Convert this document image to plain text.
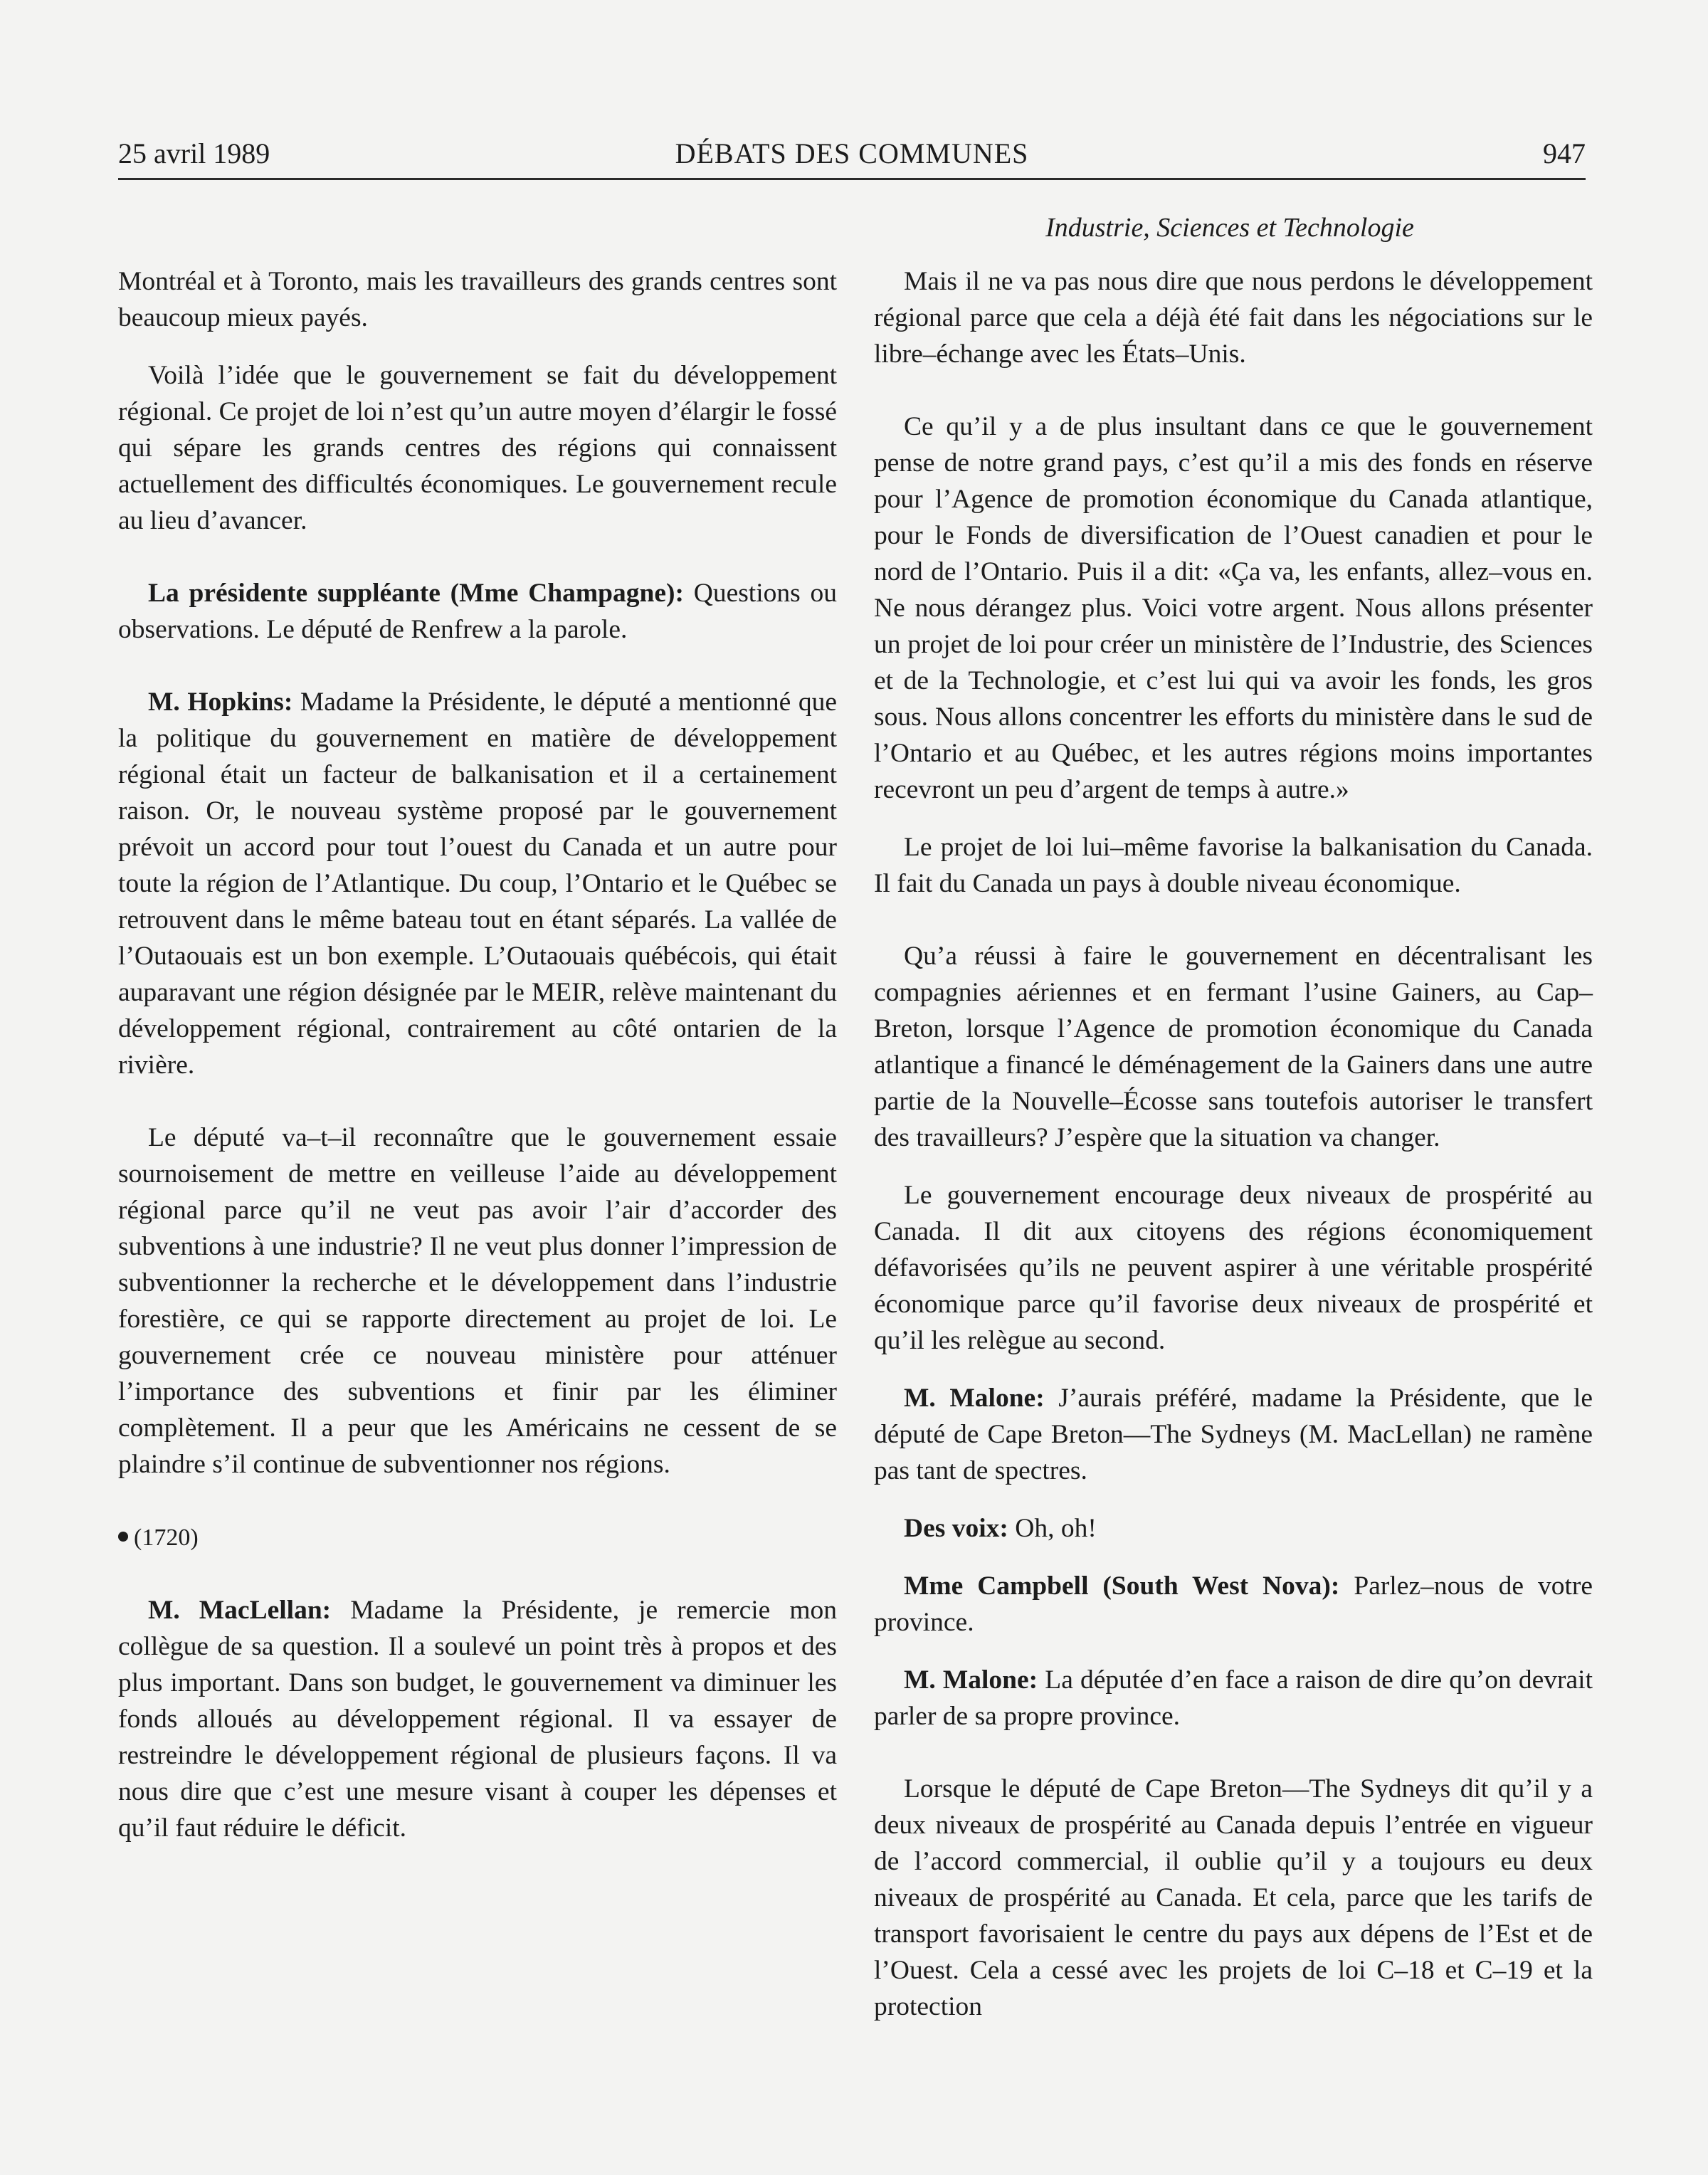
25 avril 1989	DÉBATS DES COMMUNES	947
Industrie, Sciences et Technologie

Montréal et à Toronto, mais les travailleurs des grands centres sont beaucoup mieux payés.

Voilà l’idée que le gouvernement se fait du développement régional. Ce projet de loi n’est qu’un autre moyen d’élargir le fossé qui sépare les grands centres des régions qui connaissent actuellement des difficultés économiques. Le gouvernement recule au lieu d’avancer.

La présidente suppléante (Mme Champagne): Questions ou observations. Le député de Renfrew a la parole.

M. Hopkins: Madame la Présidente, le député a mentionné que la politique du gouvernement en matière de développement régional était un facteur de balkanisation et il a certainement raison. Or, le nouveau système proposé par le gouvernement prévoit un accord pour tout l’ouest du Canada et un autre pour toute la région de l’Atlantique. Du coup, l’Ontario et le Québec se retrouvent dans le même bateau tout en étant séparés. La vallée de l’Outaouais est un bon exemple. L’Outaouais québécois, qui était auparavant une région désignée par le MEIR, relève maintenant du développement régional, contrairement au côté ontarien de la rivière.

Le député va–t–il reconnaître que le gouvernement essaie sournoisement de mettre en veilleuse l’aide au développement régional parce qu’il ne veut pas avoir l’air d’accorder des subventions à une industrie? Il ne veut plus donner l’impression de subventionner la recherche et le développement dans l’industrie forestière, ce qui se rapporte directement au projet de loi. Le gouvernement crée ce nouveau ministère pour atténuer l’importance des subventions et finir par les éliminer complètement. Il a peur que les Américains ne cessent de se plaindre s’il continue de subventionner nos régions.

(1720)

M. MacLellan: Madame la Présidente, je remercie mon collègue de sa question. Il a soulevé un point très à propos et des plus important. Dans son budget, le gouvernement va diminuer les fonds alloués au développement régional. Il va essayer de restreindre le développement régional de plusieurs façons. Il va nous dire que c’est une mesure visant à couper les dépenses et qu’il faut réduire le déficit.

Mais il ne va pas nous dire que nous perdons le développement régional parce que cela a déjà été fait dans les négociations sur le libre–échange avec les États–Unis.

Ce qu’il y a de plus insultant dans ce que le gouvernement pense de notre grand pays, c’est qu’il a mis des fonds en réserve pour l’Agence de promotion économique du Canada atlantique, pour le Fonds de diversification de l’Ouest canadien et pour le nord de l’Ontario. Puis il a dit: «Ça va, les enfants, allez–vous en. Ne nous dérangez plus. Voici votre argent. Nous allons présenter un projet de loi pour créer un ministère de l’Industrie, des Sciences et de la Technologie, et c’est lui qui va avoir les fonds, les gros sous. Nous allons concentrer les efforts du ministère dans le sud de l’Ontario et au Québec, et les autres régions moins importantes recevront un peu d’argent de temps à autre.»

Le projet de loi lui–même favorise la balkanisation du Canada. Il fait du Canada un pays à double niveau économique.

Qu’a réussi à faire le gouvernement en décentralisant les compagnies aériennes et en fermant l’usine Gainers, au Cap–Breton, lorsque l’Agence de promotion économique du Canada atlantique a financé le déménagement de la Gainers dans une autre partie de la Nouvelle–Écosse sans toutefois autoriser le transfert des travailleurs? J’espère que la situation va changer.

Le gouvernement encourage deux niveaux de prospérité au Canada. Il dit aux citoyens des régions économiquement défavorisées qu’ils ne peuvent aspirer à une véritable prospérité économique parce qu’il favorise deux niveaux de prospérité et qu’il les relègue au second.

M. Malone: J’aurais préféré, madame la Présidente, que le député de Cape Breton—The Sydneys (M. MacLellan) ne ramène pas tant de spectres.

Des voix: Oh, oh!

Mme Campbell (South West Nova): Parlez–nous de votre province.

M. Malone: La députée d’en face a raison de dire qu’on devrait parler de sa propre province.

Lorsque le député de Cape Breton—The Sydneys dit qu’il y a deux niveaux de prospérité au Canada depuis l’entrée en vigueur de l’accord commercial, il oublie qu’il y a toujours eu deux niveaux de prospérité au Canada. Et cela, parce que les tarifs de transport favorisaient le centre du pays aux dépens de l’Est et de l’Ouest. Cela a cessé avec les projets de loi C–18 et C–19 et la protection
